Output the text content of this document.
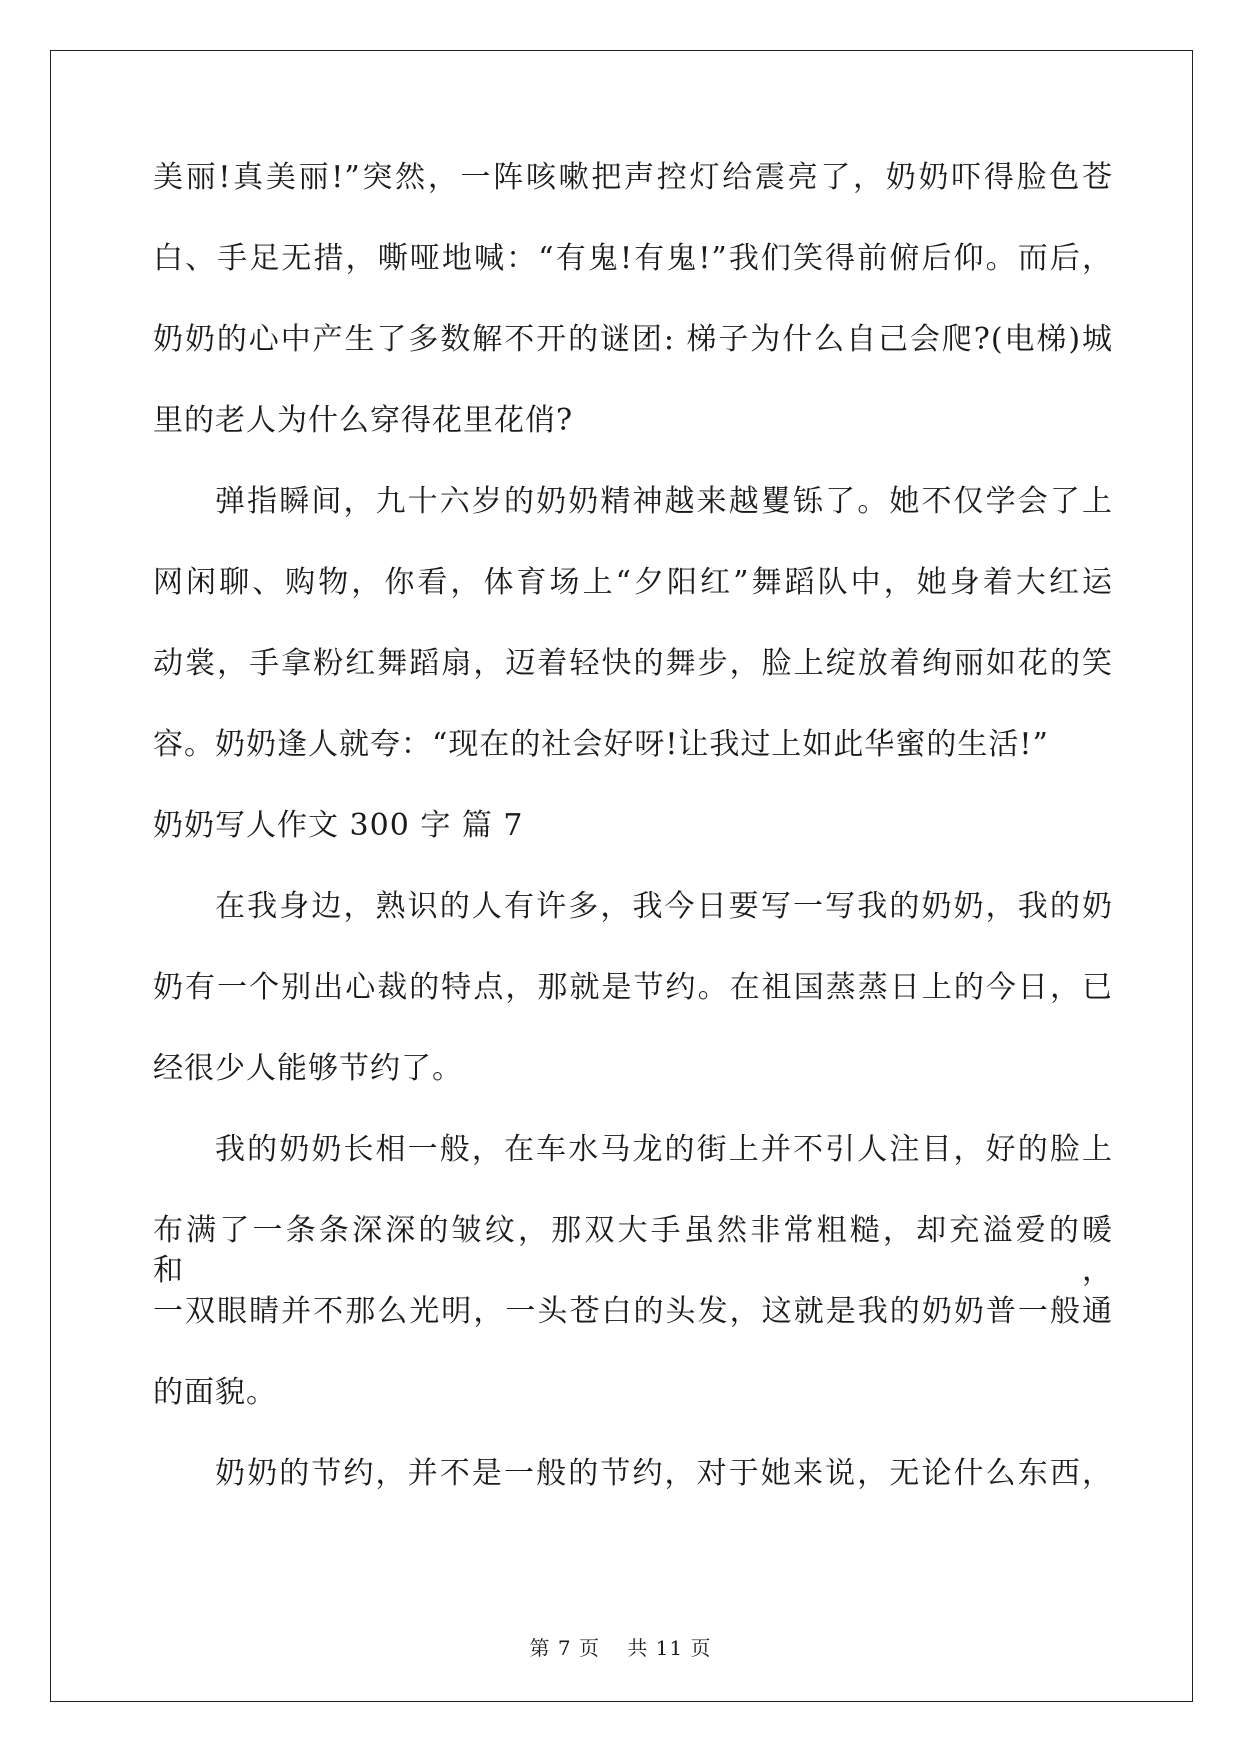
美丽!真美丽!”突然，一阵咳嗽把声控灯给震亮了，奶奶吓得脸色苍
白、手足无措，嘶哑地喊：“有鬼!有鬼!”我们笑得前俯后仰。而后，
奶奶的心中产生了多数解不开的谜团: 梯子为什么自己会爬?(电梯)城
里的老人为什么穿得花里花俏?
弹指瞬间，九十六岁的奶奶精神越来越矍铄了。她不仅学会了上
网闲聊、购物，你看，体育场上“夕阳红”舞蹈队中，她身着大红运
动裳，手拿粉红舞蹈扇，迈着轻快的舞步，脸上绽放着绚丽如花的笑
容。奶奶逢人就夸：“现在的社会好呀!让我过上如此华蜜的生活!”
奶奶写人作文 300 字 篇 7
在我身边，熟识的人有许多，我今日要写一写我的奶奶，我的奶
奶有一个别出心裁的特点，那就是节约。在祖国蒸蒸日上的今日，已
经很少人能够节约了。
我的奶奶长相一般，在车水马龙的街上并不引人注目，好的脸上
布满了一条条深深的皱纹，那双大手虽然非常粗糙，却充溢爱的暖和，
一双眼睛并不那么光明，一头苍白的头发，这就是我的奶奶普一般通
的面貌。
奶奶的节约，并不是一般的节约，对于她来说，无论什么东西，
第 7 页 共 11 页
